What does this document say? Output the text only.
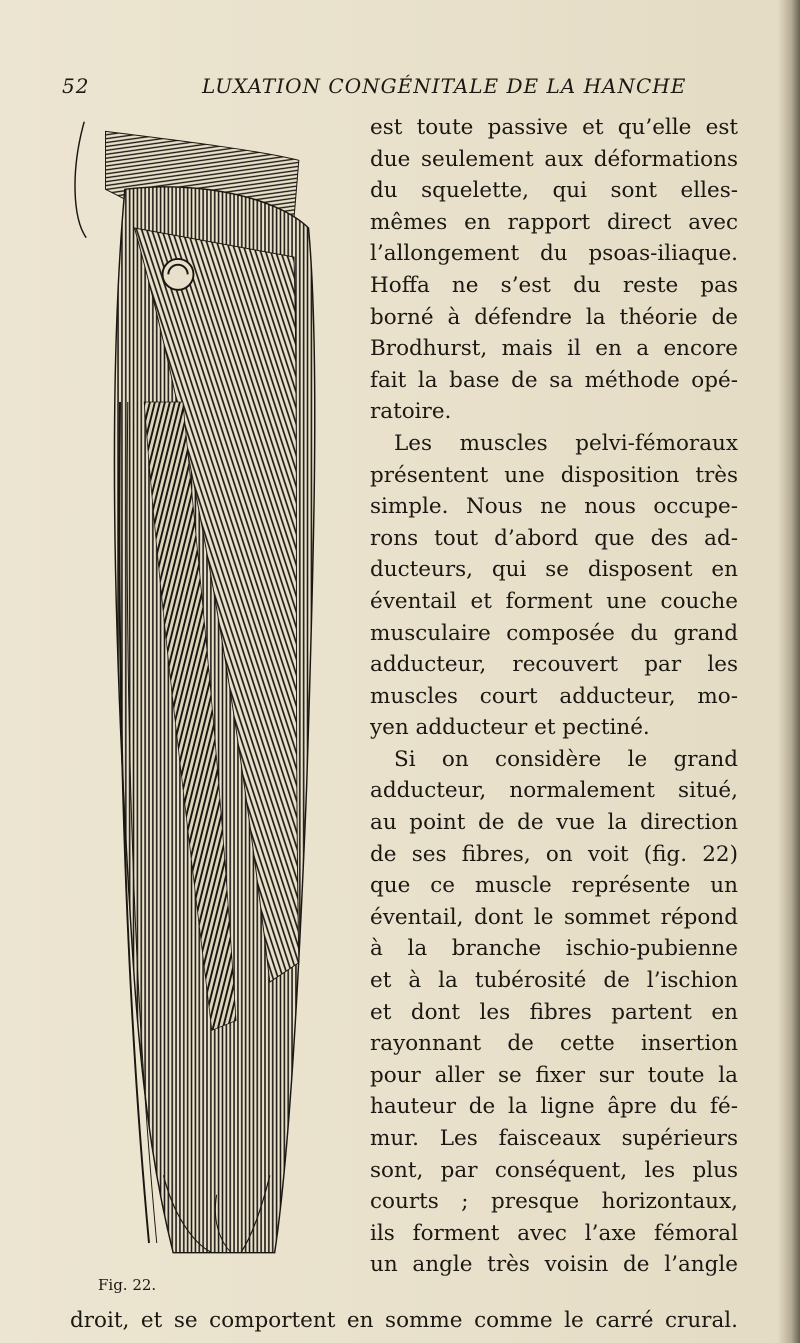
52	LUXATION CONGÉNITALE DE LA HANCHE
Fig. 22.
est toute passive et qu’elle est
due seulement aux déformations
du squelette, qui sont elles-
mêmes en rapport direct avec
l’allongement du psoas-iliaque.
Hoffa ne s’est du reste pas
borné à défendre la théorie de
Brodhurst, mais il en a encore
fait la base de sa méthode opé-
ratoire.
Les muscles pelvi-fémoraux
présentent une disposition très
simple. Nous ne nous occupe-
rons tout d’abord que des ad-
ducteurs, qui se disposent en
éventail et forment une couche
musculaire composée du grand
adducteur, recouvert par les
muscles court adducteur, mo-
yen adducteur et pectiné.
Si on considère le grand
adducteur, normalement situé,
au point de de vue la direction
de ses fibres, on voit (fig. 22)
que ce muscle représente un
éventail, dont le sommet répond
à la branche ischio-pubienne
et à la tubérosité de l’ischion
et dont les fibres partent en
rayonnant de cette insertion
pour aller se fixer sur toute la
hauteur de la ligne âpre du fé-
mur. Les faisceaux supérieurs
sont, par conséquent, les plus
courts ; presque horizontaux,
ils forment avec l’axe fémoral
un angle très voisin de l’angle
droit, et se comportent en somme comme le carré crural.
